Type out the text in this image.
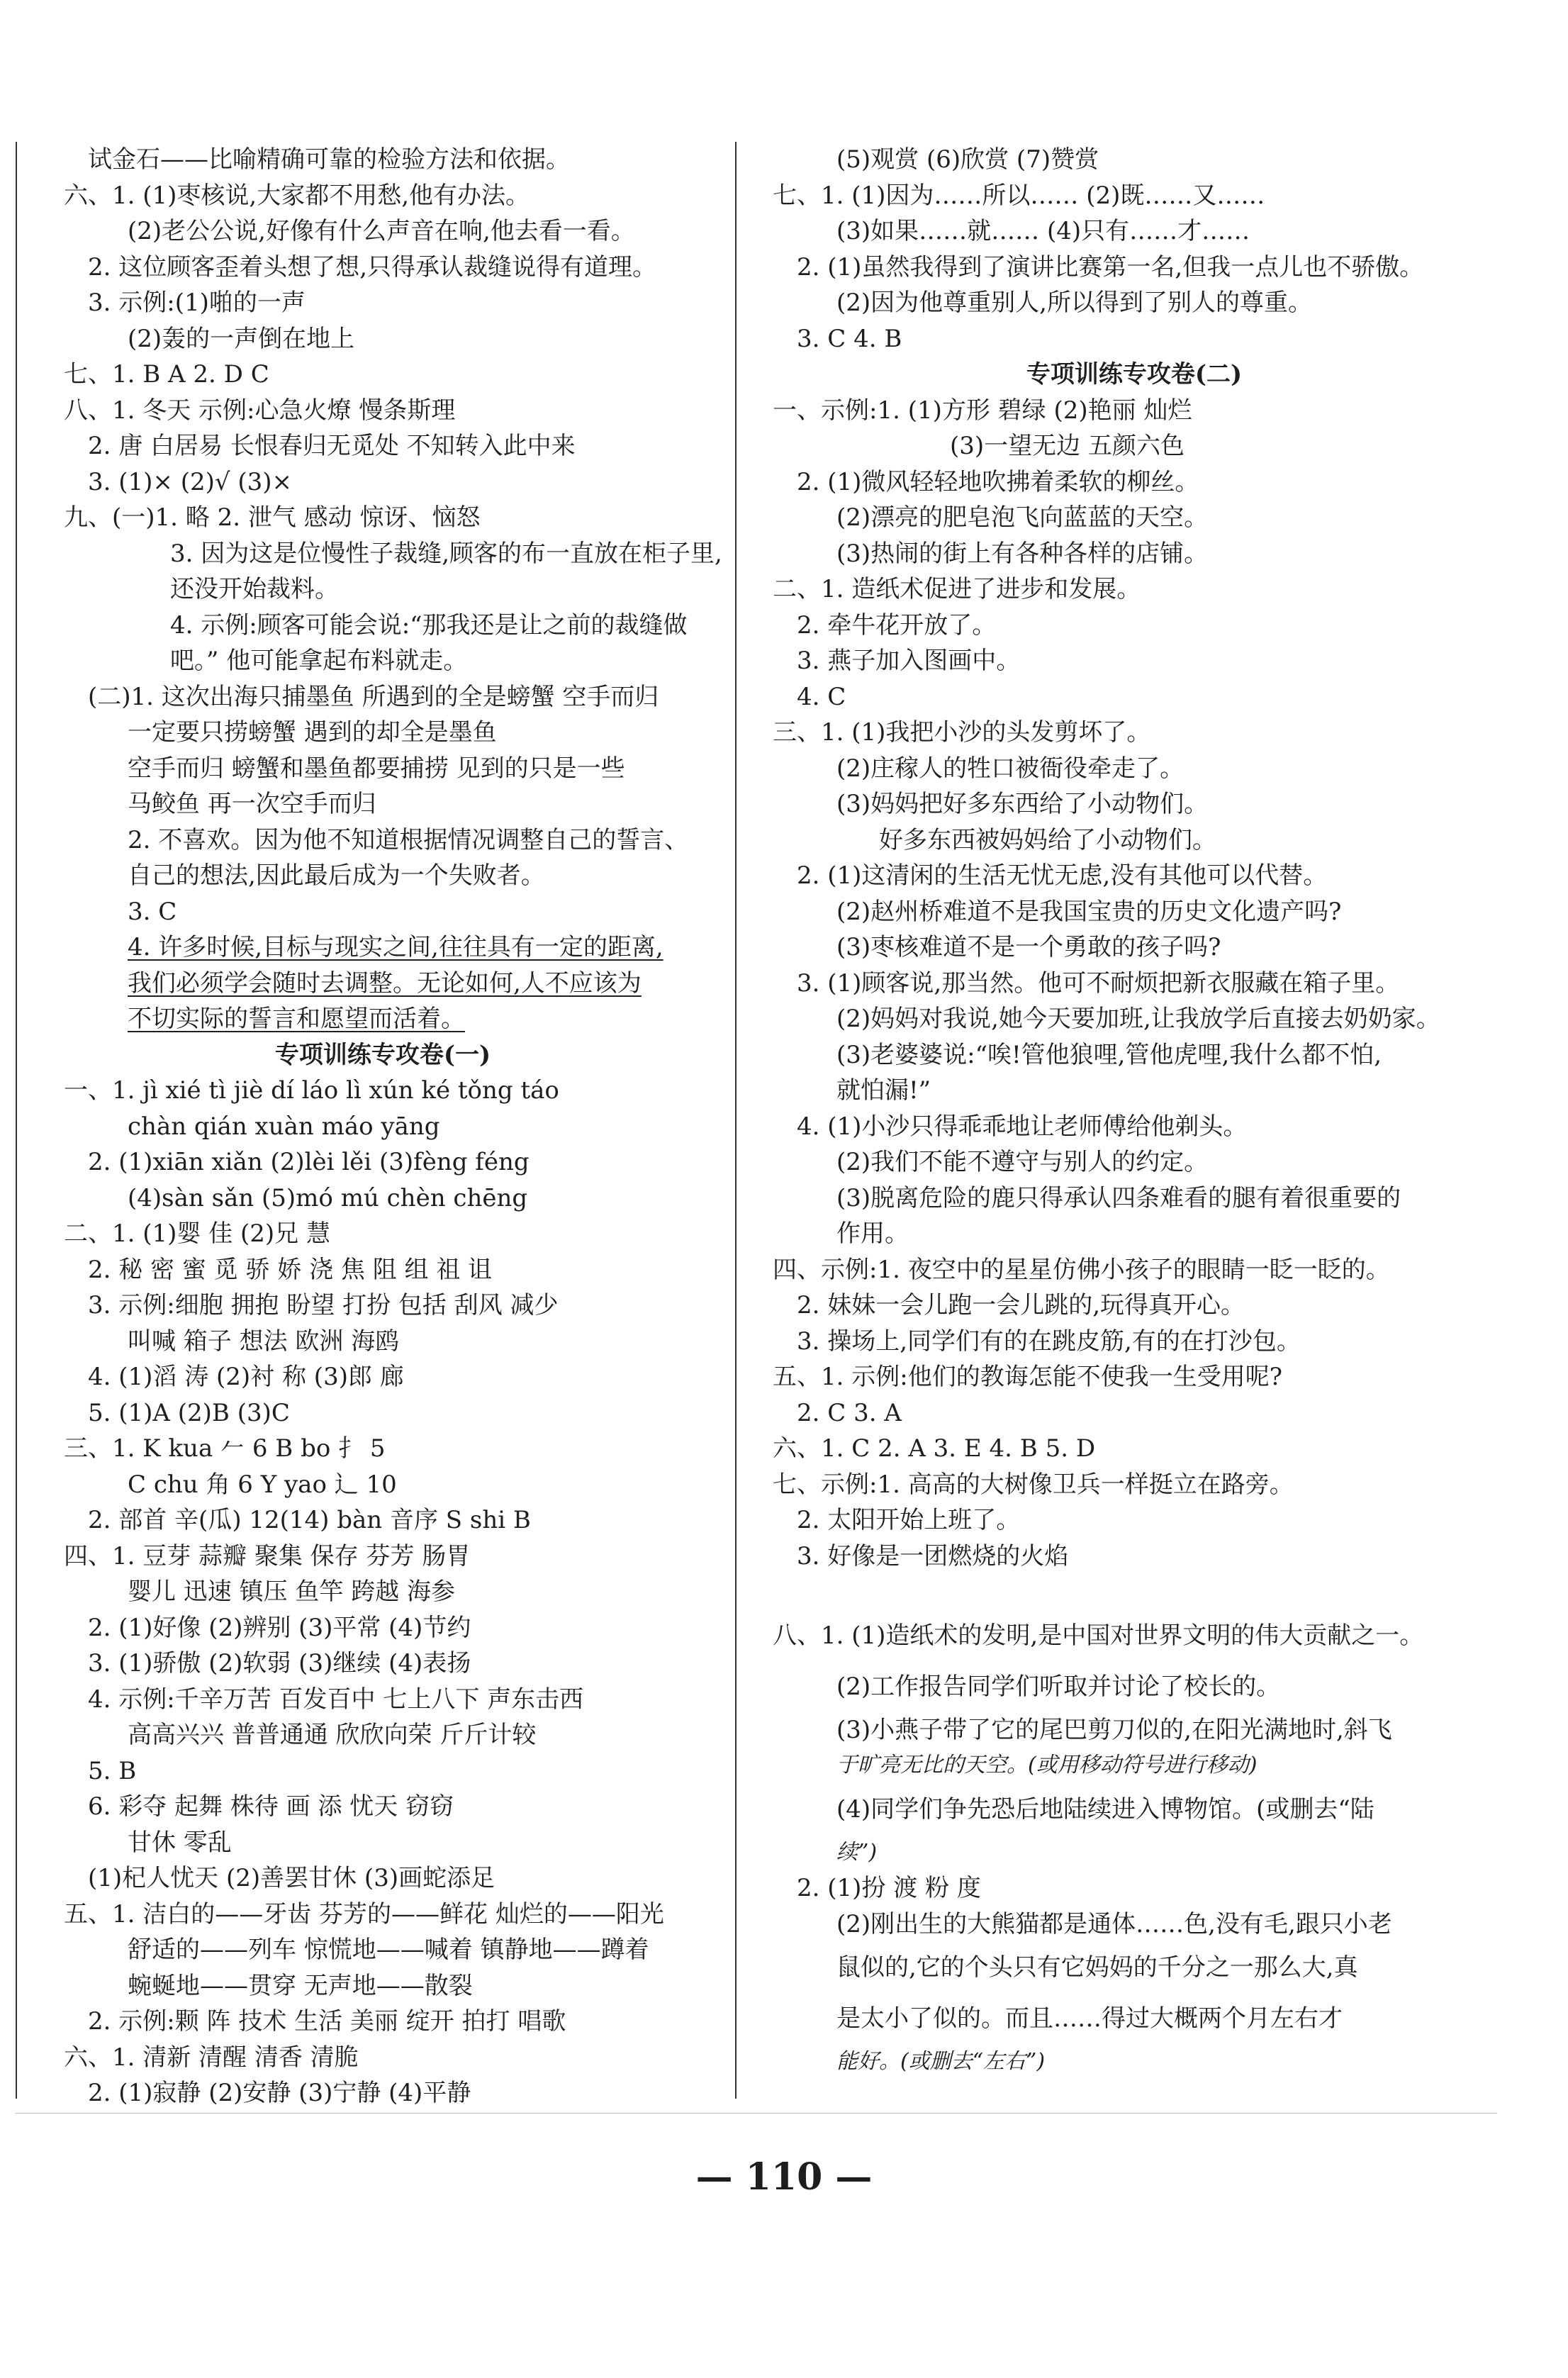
试金石——比喻精确可靠的检验方法和依据。
六、1. (1)枣核说,大家都不用愁,他有办法。
(2)老公公说,好像有什么声音在响,他去看一看。
2. 这位顾客歪着头想了想,只得承认裁缝说得有道理。
3. 示例:(1)啪的一声
(2)轰的一声倒在地上
七、1. B A 2. D C
八、1. 冬天 示例:心急火燎 慢条斯理
2. 唐 白居易 长恨春归无觅处 不知转入此中来
3. (1)× (2)√ (3)×
九、(一)1. 略 2. 泄气 感动 惊讶、恼怒
3. 因为这是位慢性子裁缝,顾客的布一直放在柜子里,
还没开始裁料。
4. 示例:顾客可能会说:“那我还是让之前的裁缝做
吧。” 他可能拿起布料就走。
(二)1. 这次出海只捕墨鱼 所遇到的全是螃蟹 空手而归
一定要只捞螃蟹 遇到的却全是墨鱼
空手而归 螃蟹和墨鱼都要捕捞 见到的只是一些
马鲛鱼 再一次空手而归
2. 不喜欢。因为他不知道根据情况调整自己的誓言、
自己的想法,因此最后成为一个失败者。
3. C
4. 许多时候,目标与现实之间,往往具有一定的距离,
我们必须学会随时去调整。无论如何,人不应该为
不切实际的誓言和愿望而活着。
专项训练专攻卷(一)
一、1. jì xié tì jiè dí láo lì xún ké tǒng táo
chàn qián xuàn máo yāng
2. (1)xiān xiǎn (2)lèi lěi (3)fèng féng
(4)sàn sǎn (5)mó mú chèn chēng
二、1. (1)婴 佳 (2)兄 慧
2. 秘 密 蜜 觅 骄 娇 浇 焦 阻 组 祖 诅
3. 示例:细胞 拥抱 盼望 打扮 包括 刮风 减少
叫喊 箱子 想法 欧洲 海鸥
4. (1)滔 涛 (2)衬 称 (3)郎 廊
5. (1)A (2)B (3)C
三、1. K kua 𠂉 6 B bo 扌 5
C chu 角 6 Y yao 辶 10
2. 部首 辛(瓜) 12(14) bàn 音序 S shi B
四、1. 豆芽 蒜瓣 聚集 保存 芬芳 肠胃
婴儿 迅速 镇压 鱼竿 跨越 海参
2. (1)好像 (2)辨别 (3)平常 (4)节约
3. (1)骄傲 (2)软弱 (3)继续 (4)表扬
4. 示例:千辛万苦 百发百中 七上八下 声东击西
高高兴兴 普普通通 欣欣向荣 斤斤计较
5. B
6. 彩夺 起舞 株待 画 添 忧天 窃窃
甘休 零乱
(1)杞人忧天 (2)善罢甘休 (3)画蛇添足
五、1. 洁白的——牙齿 芬芳的——鲜花 灿烂的——阳光
舒适的——列车 惊慌地——喊着 镇静地——蹲着
蜿蜒地——贯穿 无声地——散裂
2. 示例:颗 阵 技术 生活 美丽 绽开 拍打 唱歌
六、1. 清新 清醒 清香 清脆
2. (1)寂静 (2)安静 (3)宁静 (4)平静
(5)观赏 (6)欣赏 (7)赞赏
七、1. (1)因为……所以…… (2)既……又……
(3)如果……就…… (4)只有……才……
2. (1)虽然我得到了演讲比赛第一名,但我一点儿也不骄傲。
(2)因为他尊重别人,所以得到了别人的尊重。
3. C 4. B
专项训练专攻卷(二)
一、示例:1. (1)方形 碧绿 (2)艳丽 灿烂
(3)一望无边 五颜六色
2. (1)微风轻轻地吹拂着柔软的柳丝。
(2)漂亮的肥皂泡飞向蓝蓝的天空。
(3)热闹的街上有各种各样的店铺。
二、1. 造纸术促进了进步和发展。
2. 牵牛花开放了。
3. 燕子加入图画中。
4. C
三、1. (1)我把小沙的头发剪坏了。
(2)庄稼人的牲口被衙役牵走了。
(3)妈妈把好多东西给了小动物们。
好多东西被妈妈给了小动物们。
2. (1)这清闲的生活无忧无虑,没有其他可以代替。
(2)赵州桥难道不是我国宝贵的历史文化遗产吗?
(3)枣核难道不是一个勇敢的孩子吗?
3. (1)顾客说,那当然。他可不耐烦把新衣服藏在箱子里。
(2)妈妈对我说,她今天要加班,让我放学后直接去奶奶家。
(3)老婆婆说:“唉!管他狼哩,管他虎哩,我什么都不怕,
就怕漏!”
4. (1)小沙只得乖乖地让老师傅给他剃头。
(2)我们不能不遵守与别人的约定。
(3)脱离危险的鹿只得承认四条难看的腿有着很重要的
作用。
四、示例:1. 夜空中的星星仿佛小孩子的眼睛一眨一眨的。
2. 妹妹一会儿跑一会儿跳的,玩得真开心。
3. 操场上,同学们有的在跳皮筋,有的在打沙包。
五、1. 示例:他们的教诲怎能不使我一生受用呢?
2. C 3. A
六、1. C 2. A 3. E 4. B 5. D
七、示例:1. 高高的大树像卫兵一样挺立在路旁。
2. 太阳开始上班了。
3. 好像是一团燃烧的火焰
八、1. (1)造纸术的发明,是中国对世界文明的伟大贡献之一。
(2)工作报告同学们听取并讨论了校长的。
(3)小燕子带了它的尾巴剪刀似的,在阳光满地时,斜飞
于旷亮无比的天空。(或用移动符号进行移动)
(4)同学们争先恐后地陆续进入博物馆。(或删去“陆
续”)
2. (1)扮 渡 粉 度
(2)刚出生的大熊猫都是通体……色,没有毛,跟只小老
鼠似的,它的个头只有它妈妈的千分之一那么大,真
是太小了似的。而且……得过大概两个月左右才
能好。(或删去“左右”)
— 110 —
